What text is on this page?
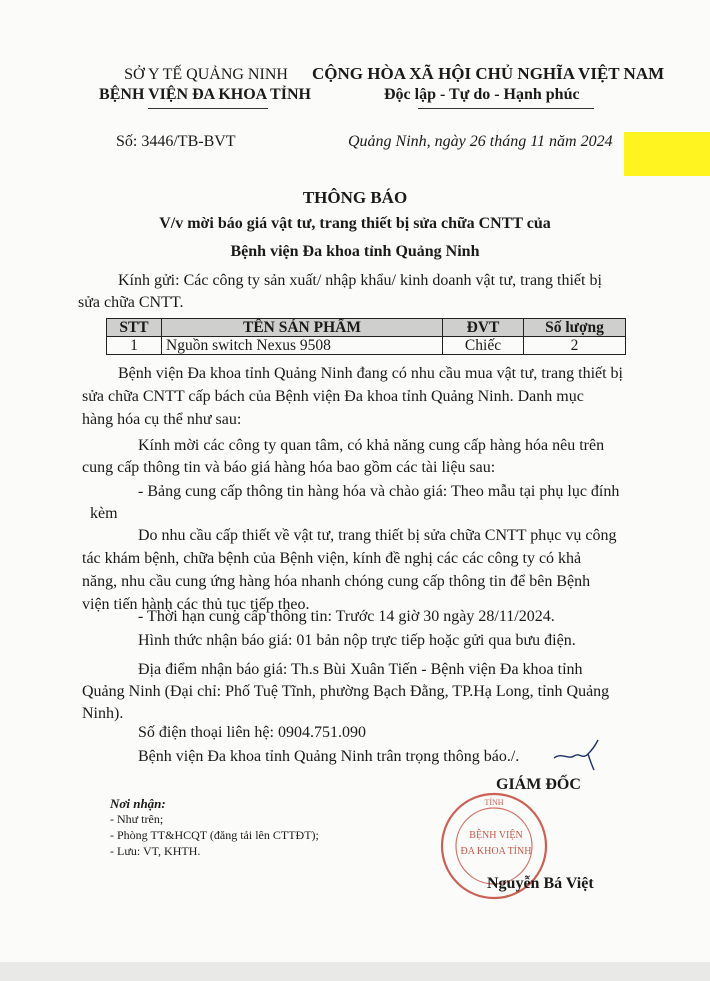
SỞ Y TẾ QUẢNG NINH
BỆNH VIỆN ĐA KHOA TỈNH
CỘNG HÒA XÃ HỘI CHỦ NGHĨA VIỆT NAM
Độc lập - Tự do - Hạnh phúc
Số: 3446/TB-BVT	Quảng Ninh, ngày 26 tháng 11 năm 2024
THÔNG BÁO
V/v mời báo giá vật tư, trang thiết bị sửa chữa CNTT của
Bệnh viện Đa khoa tỉnh Quảng Ninh
Kính gửi: Các công ty sản xuất/ nhập khẩu/ kinh doanh vật tư, trang thiết bị
sửa chữa CNTT.
STT	TÊN SẢN PHẨM	ĐVT	Số lượng
1	Nguồn switch Nexus 9508	Chiếc	2
Bệnh viện Đa khoa tỉnh Quảng Ninh đang có nhu cầu mua vật tư, trang thiết bị
sửa chữa CNTT cấp bách của Bệnh viện Đa khoa tỉnh Quảng Ninh. Danh mục
hàng hóa cụ thể như sau:
Kính mời các công ty quan tâm, có khả năng cung cấp hàng hóa nêu trên
cung cấp thông tin và báo giá hàng hóa bao gồm các tài liệu sau:
- Bảng cung cấp thông tin hàng hóa và chào giá: Theo mẫu tại phụ lục đính
kèm
Do nhu cầu cấp thiết về vật tư, trang thiết bị sửa chữa CNTT phục vụ công
tác khám bệnh, chữa bệnh của Bệnh viện, kính đề nghị các các công ty có khả
năng, nhu cầu cung ứng hàng hóa nhanh chóng cung cấp thông tin để bên Bệnh
viện tiến hành các thủ tục tiếp theo.
- Thời hạn cung cấp thông tin: Trước 14 giờ 30 ngày 28/11/2024.
Hình thức nhận báo giá: 01 bản nộp trực tiếp hoặc gửi qua bưu điện.
Địa điểm nhận báo giá: Th.s Bùi Xuân Tiến - Bệnh viện Đa khoa tỉnh
Quảng Ninh (Đại chỉ: Phố Tuệ Tĩnh, phường Bạch Đằng, TP.Hạ Long, tỉnh Quảng
Ninh).
Số điện thoại liên hệ: 0904.751.090
Bệnh viện Đa khoa tỉnh Quảng Ninh trân trọng thông báo./.
GIÁM ĐỐC
TỈNH
BỆNH VIỆN
ĐA KHOA TỈNH
Nguyễn Bá Việt
Nơi nhận:
- Như trên;
- Phòng TT&HCQT (đăng tải lên CTTĐT);
- Lưu: VT, KHTH.
